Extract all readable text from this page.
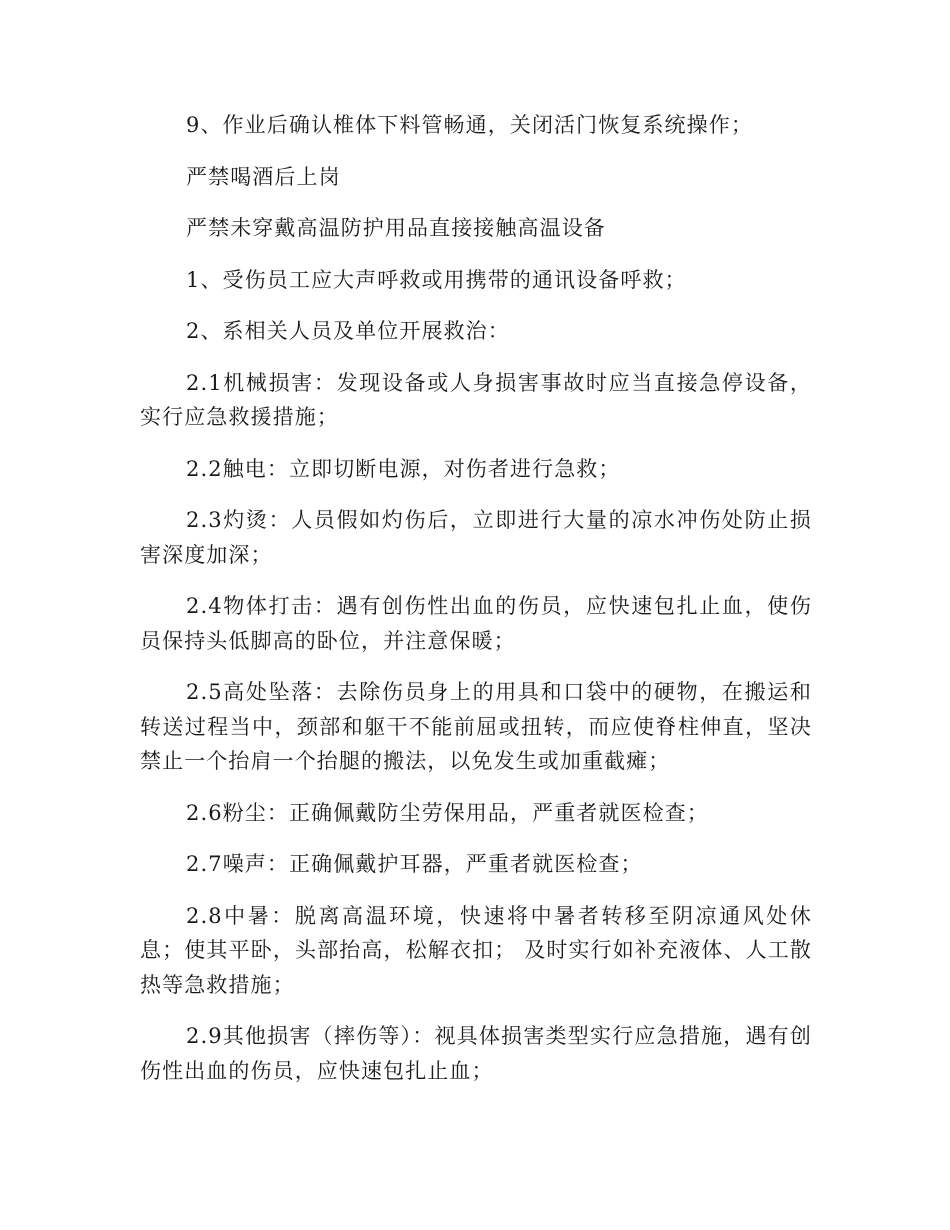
9、作业后确认椎体下料管畅通，关闭活门恢复系统操作；

严禁喝酒后上岗

严禁未穿戴高温防护用品直接接触高温设备

1、受伤员工应大声呼救或用携带的通讯设备呼救；

2、系相关人员及单位开展救治：

2.1机械损害：发现设备或人身损害事故时应当直接急停设备，实行应急救援措施；

2.2触电：立即切断电源，对伤者进行急救；

2.3灼烫：人员假如灼伤后，立即进行大量的凉水冲伤处防止损害深度加深；

2.4物体打击：遇有创伤性出血的伤员，应快速包扎止血，使伤员保持头低脚高的卧位，并注意保暖；

2.5高处坠落：去除伤员身上的用具和口袋中的硬物，在搬运和转送过程当中，颈部和躯干不能前屈或扭转，而应使脊柱伸直，坚决禁止一个抬肩一个抬腿的搬法，以免发生或加重截瘫；

2.6粉尘：正确佩戴防尘劳保用品，严重者就医检查；

2.7噪声：正确佩戴护耳器，严重者就医检查；

2.8中暑：脱离高温环境，快速将中暑者转移至阴凉通风处休息；使其平卧，头部抬高，松解衣扣； 及时实行如补充液体、人工散热等急救措施；

2.9其他损害（摔伤等）：视具体损害类型实行应急措施，遇有创伤性出血的伤员，应快速包扎止血；
